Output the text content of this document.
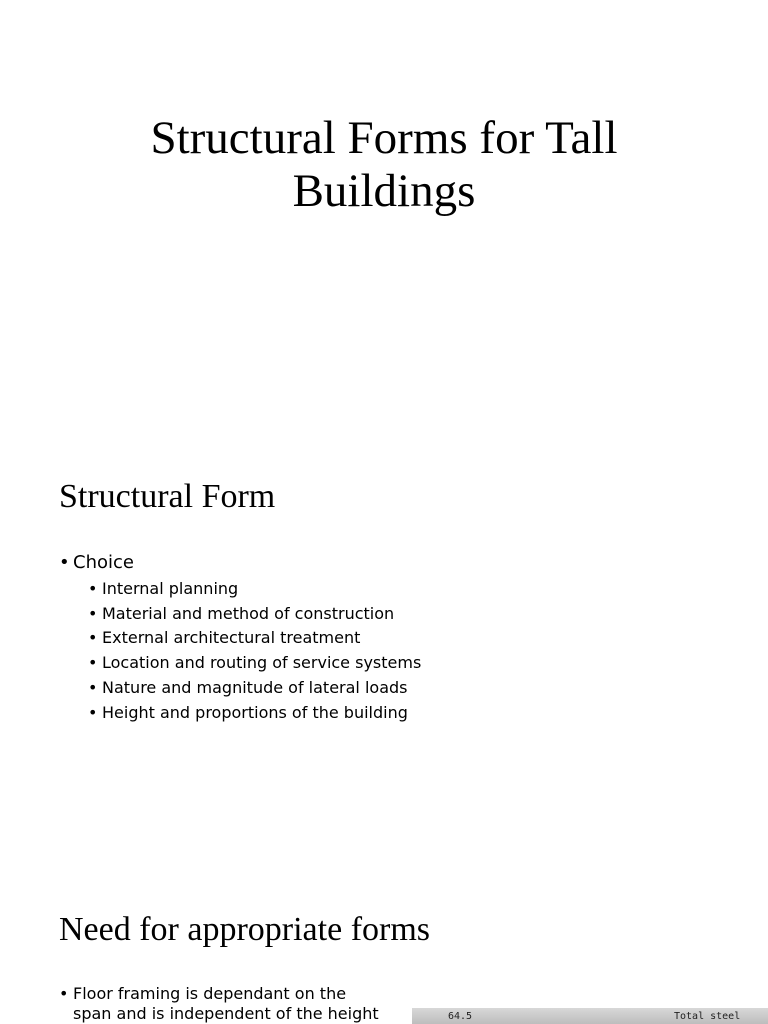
Structural Forms for Tall
Buildings
Structural Form
• Choice
• Internal planning
• Material and method of construction
• External architectural treatment
• Location and routing of service systems
• Nature and magnitude of lateral loads
• Height and proportions of the building
Need for appropriate forms
• Floor framing is dependant on the
span and is independent of the height	64.5	Total steel
